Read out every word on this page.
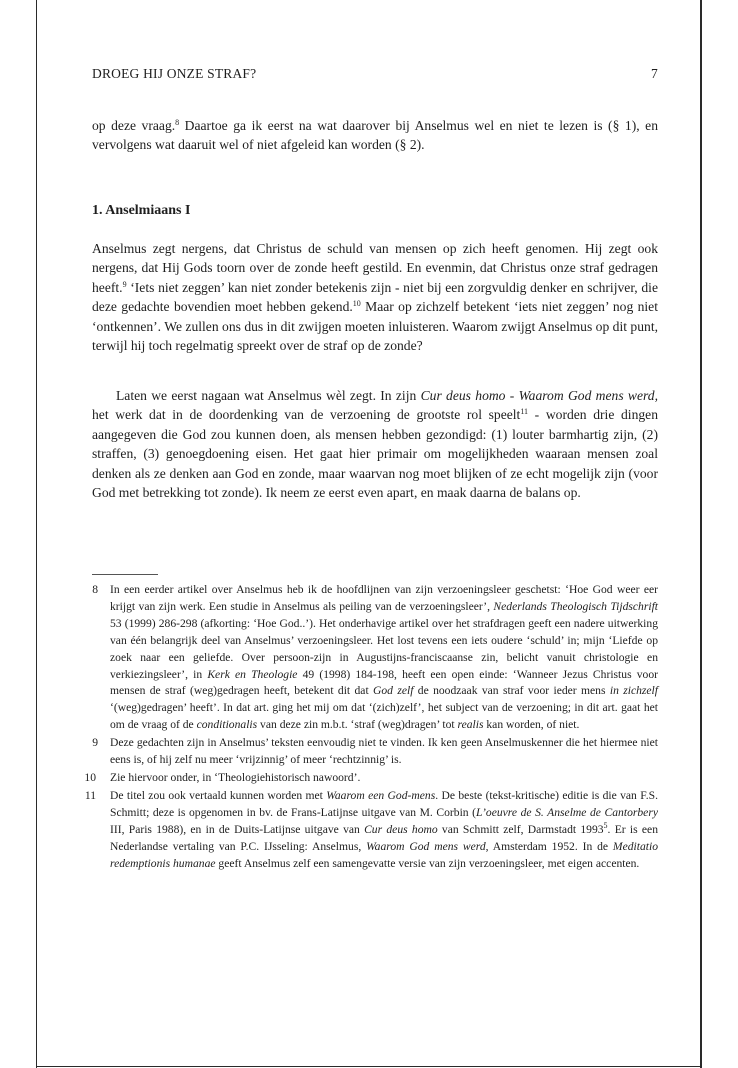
DROEG HIJ ONZE STRAF?	7

op deze vraag.$^8$ Daartoe ga ik eerst na wat daarover bij Anselmus wel en niet te lezen is (§ 1), en vervolgens wat daaruit wel of niet afgeleid kan worden (§ 2).

1. Anselmiaans I

Anselmus zegt nergens, dat Christus de schuld van mensen op zich heeft genomen. Hij zegt ook nergens, dat Hij Gods toorn over de zonde heeft gestild. En evenmin, dat Christus onze straf gedragen heeft.$^9$ ‘Iets niet zeggen’ kan niet zonder betekenis zijn - niet bij een zorgvuldig denker en schrijver, die deze gedachte bovendien moet hebben gekend.$^{10}$ Maar op zichzelf betekent ‘iets niet zeggen’ nog niet ‘ontkennen’. We zullen ons dus in dit zwijgen moeten inluisteren. Waarom zwijgt Anselmus op dit punt, terwijl hij toch regelmatig spreekt over de straf op de zonde?

Laten we eerst nagaan wat Anselmus wèl zegt. In zijn Cur deus homo - Waarom God mens werd, het werk dat in de doordenking van de verzoening de grootste rol speelt$^{11}$ - worden drie dingen aangegeven die God zou kunnen doen, als mensen hebben gezondigd: (1) louter barmhartig zijn, (2) straffen, (3) genoegdoening eisen. Het gaat hier primair om mogelijkheden waaraan mensen zoal denken als ze denken aan God en zonde, maar waarvan nog moet blijken of ze echt mogelijk zijn (voor God met betrekking tot zonde). Ik neem ze eerst even apart, en maak daarna de balans op.

8	In een eerder artikel over Anselmus heb ik de hoofdlijnen van zijn verzoeningsleer geschetst: ‘Hoe God weer eer krijgt van zijn werk. Een studie in Anselmus als peiling van de verzoeningsleer’, Nederlands Theologisch Tijdschrift 53 (1999) 286-298 (afkorting: ‘Hoe God..’). Het onderhavige artikel over het strafdragen geeft een nadere uitwerking van één belangrijk deel van Anselmus’ verzoeningsleer. Het lost tevens een iets oudere ‘schuld’ in; mijn ‘Liefde op zoek naar een geliefde. Over persoon-zijn in Augustijns-franciscaanse zin, belicht vanuit christologie en verkiezingsleer’, in Kerk en Theologie 49 (1998) 184-198, heeft een open einde: ‘Wanneer Jezus Christus voor mensen de straf (weg)gedragen heeft, betekent dit dat God zelf de noodzaak van straf voor ieder mens in zichzelf ‘(weg)gedragen’ heeft’. In dat art. ging het mij om dat ‘(zich)zelf’, het subject van de verzoening; in dit art. gaat het om de vraag of de conditionalis van deze zin m.b.t. ‘straf (weg)dragen’ tot realis kan worden, of niet.
9	Deze gedachten zijn in Anselmus’ teksten eenvoudig niet te vinden. Ik ken geen Anselmuskenner die het hiermee niet eens is, of hij zelf nu meer ‘vrijzinnig’ of meer ‘rechtzinnig’ is.
10	Zie hiervoor onder, in ‘Theologiehistorisch nawoord’.
11	De titel zou ook vertaald kunnen worden met Waarom een God-mens. De beste (tekst-kritische) editie is die van F.S. Schmitt; deze is opgenomen in bv. de Frans-Latijnse uitgave van M. Corbin (L’oeuvre de S. Anselme de Cantorbery III, Paris 1988), en in de Duits-Latijnse uitgave van Cur deus homo van Schmitt zelf, Darmstadt 1993$^5$. Er is een Nederlandse vertaling van P.C. IJsseling: Anselmus, Waarom God mens werd, Amsterdam 1952. In de Meditatio redemptionis humanae geeft Anselmus zelf een samengevatte versie van zijn verzoeningsleer, met eigen accenten.
